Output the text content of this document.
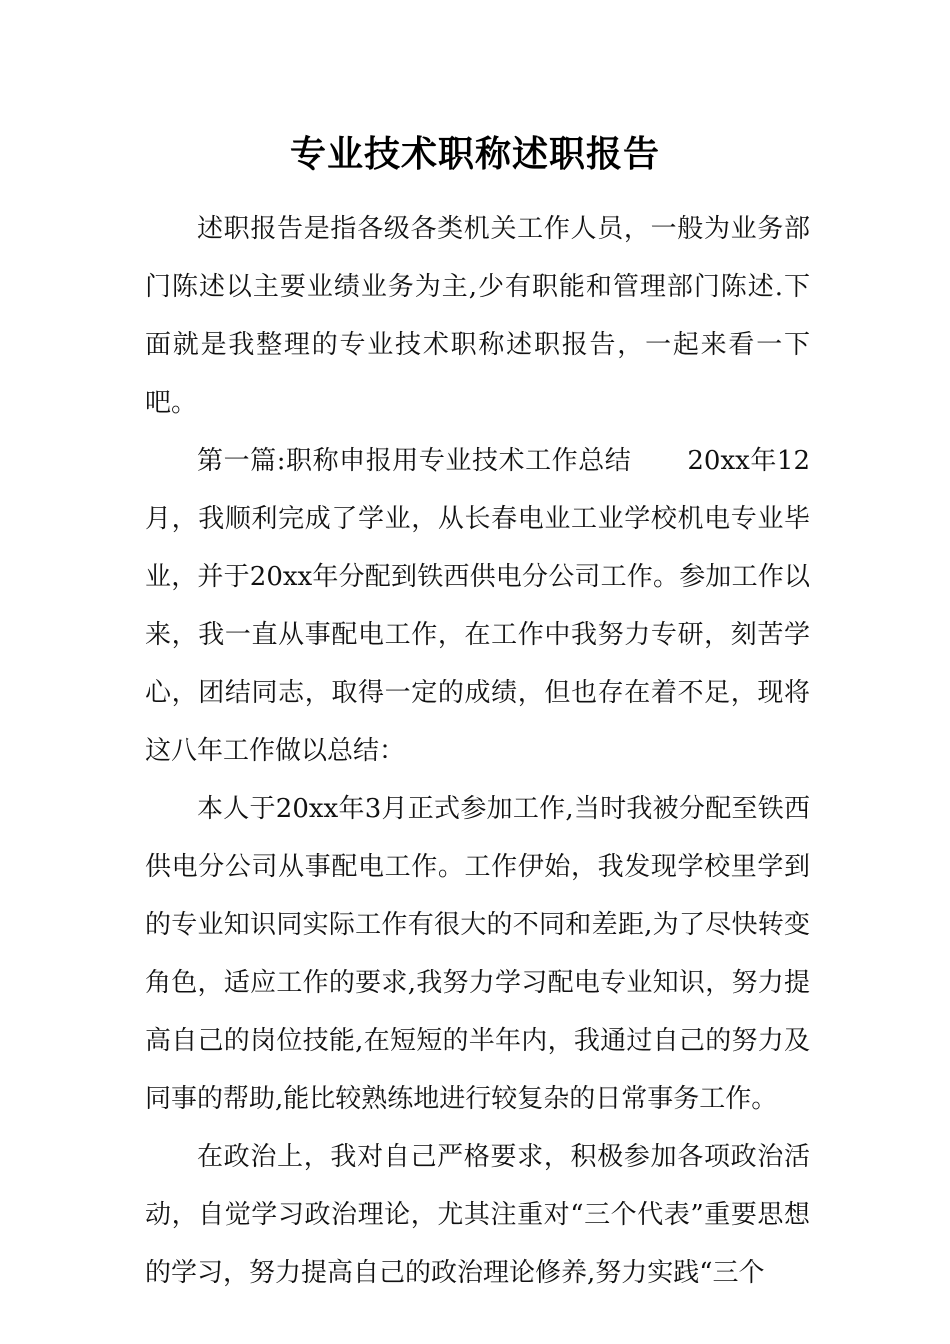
专业技术职称述职报告

述职报告是指各级各类机关工作人员，一般为业务部门陈述以主要业绩业务为主,少有职能和管理部门陈述.下面就是我整理的专业技术职称述职报告，一起来看一下吧。

第一篇:职称申报用专业技术工作总结 20xx年12月，我顺利完成了学业，从长春电业工业学校机电专业毕业，并于20xx年分配到铁西供电分公司工作。参加工作以来，我一直从事配电工作，在工作中我努力专研，刻苦学心，团结同志，取得一定的成绩，但也存在着不足，现将这八年工作做以总结：

本人于20xx年3月正式参加工作,当时我被分配至铁西供电分公司从事配电工作。工作伊始，我发现学校里学到的专业知识同实际工作有很大的不同和差距,为了尽快转变角色，适应工作的要求,我努力学习配电专业知识，努力提高自己的岗位技能,在短短的半年内，我通过自己的努力及同事的帮助,能比较熟练地进行较复杂的日常事务工作。

在政治上，我对自己严格要求，积极参加各项政治活动，自觉学习政治理论，尤其注重对“三个代表”重要思想的学习，努力提高自己的政治理论修养,努力实践“三个
